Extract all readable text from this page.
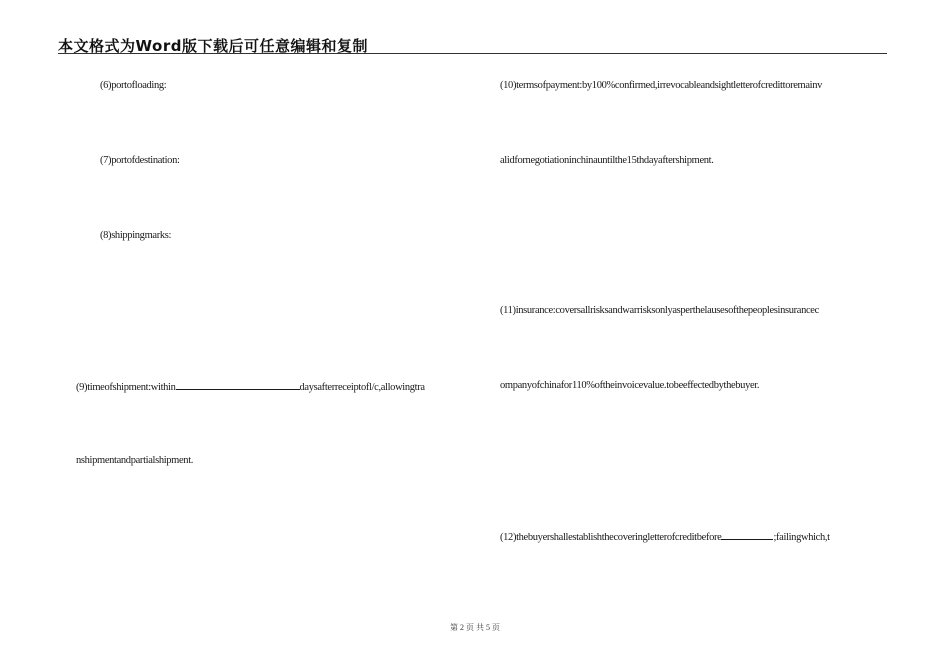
本文格式为Word版下载后可任意编辑和复制
(6)portofloading:
(7)portofdestination:
(8)shippingmarks:
(9)timeofshipment:within	daysafterreceiptofl/c,allowingtra
nshipmentandpartialshipment.
(10)termsofpayment:by100%confirmed,irrevocableandsightletterofcredittoremainv
alidfornegotiationinchinauntilthe15thdayaftershipment.
(11)insurance:coversallrisksandwarrisksonlyasperthelausesofthepeoplesinsurancec
ompanyofchinafor110%oftheinvoicevalue.tobeeffectedbythebuyer.
(12)thebuyershallestablishthecoveringletterofcreditbefore	;failingwhich,t
第 2 页 共 5 页
